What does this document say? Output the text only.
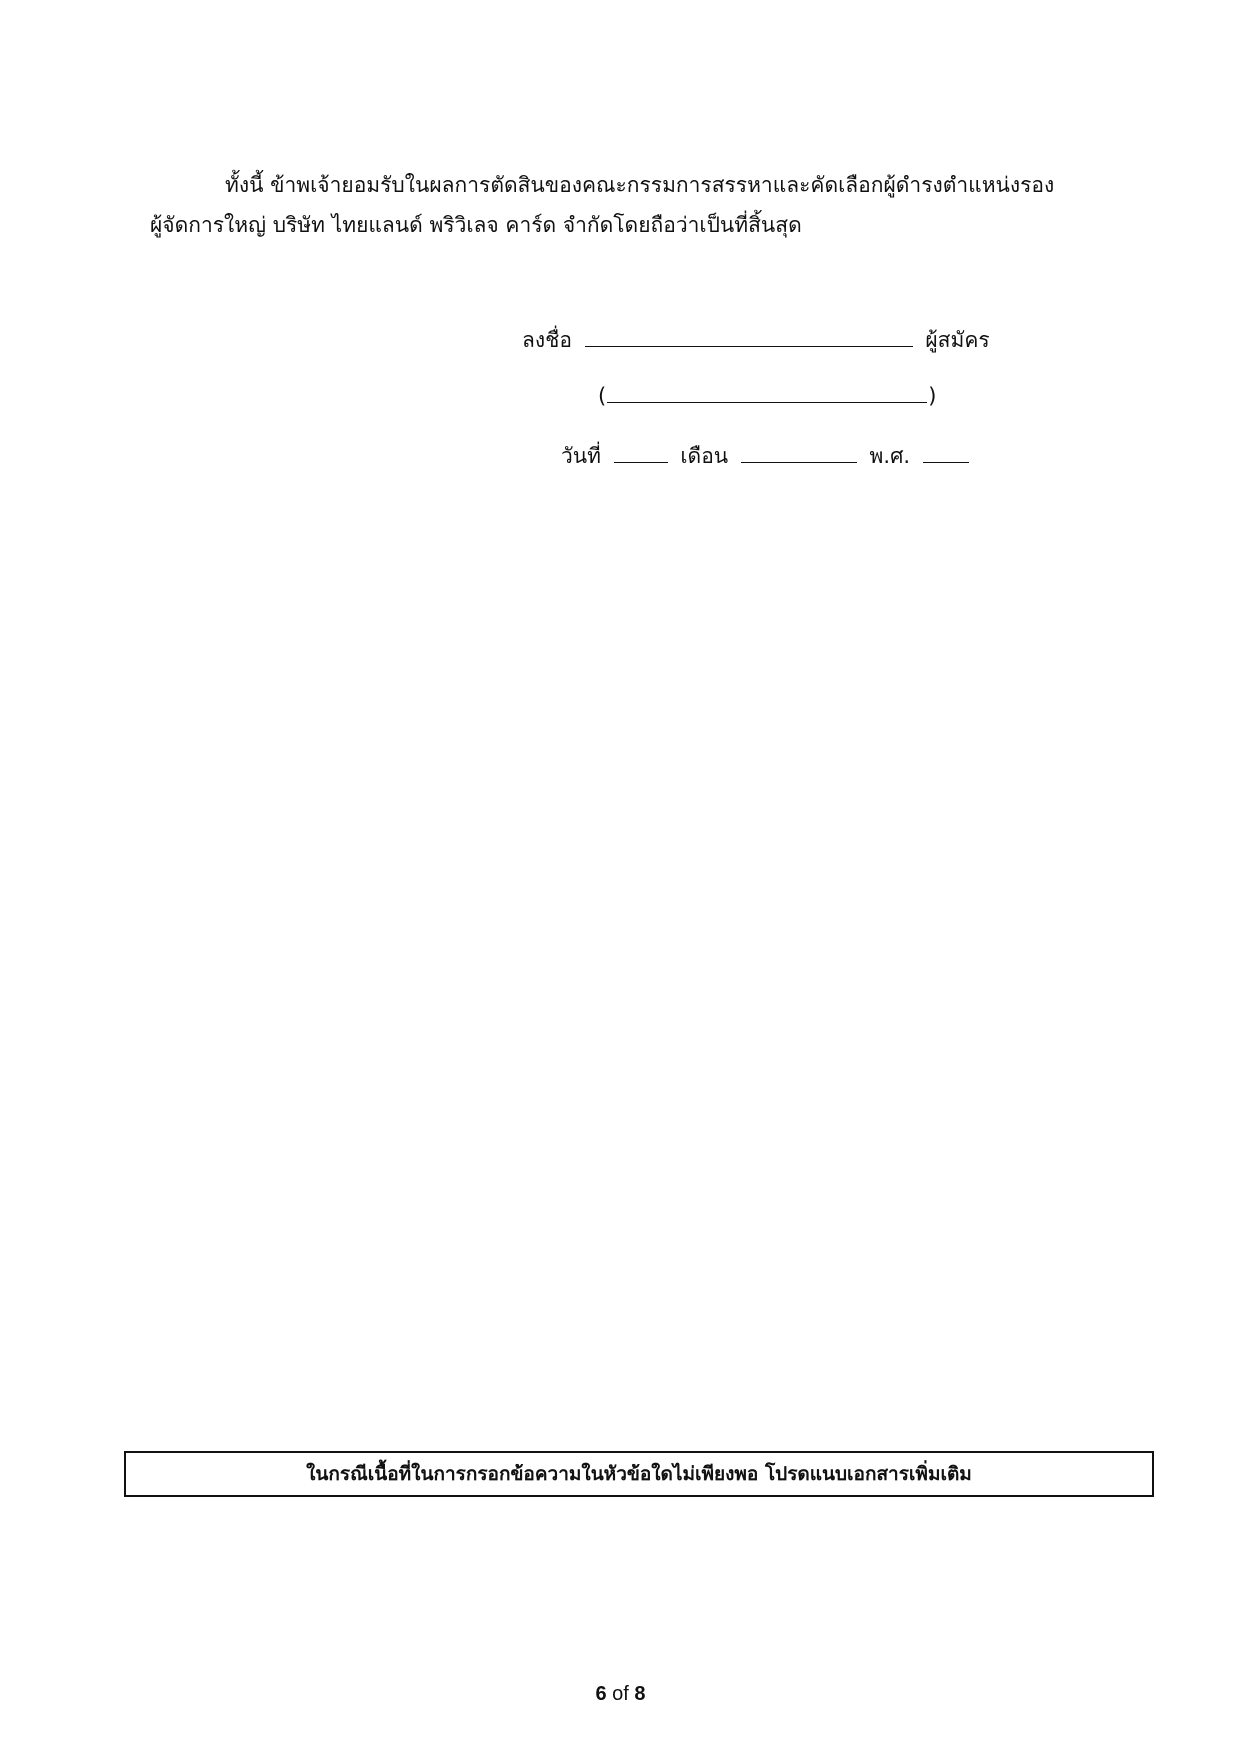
ทั้งนี้ ข้าพเจ้ายอมรับในผลการตัดสินของคณะกรรมการสรรหาและคัดเลือกผู้ดำรงตำแหน่งรอง
ผู้จัดการใหญ่ บริษัท ไทยแลนด์ พริวิเลจ คาร์ด จำกัดโดยถือว่าเป็นที่สิ้นสุด
ลงชื่อ	ผู้สมัคร
(	)
วันที่	เดือน	พ.ศ.
ในกรณีเนื้อที่ในการกรอกข้อความในหัวข้อใดไม่เพียงพอ โปรดแนบเอกสารเพิ่มเติม
6 of 8
